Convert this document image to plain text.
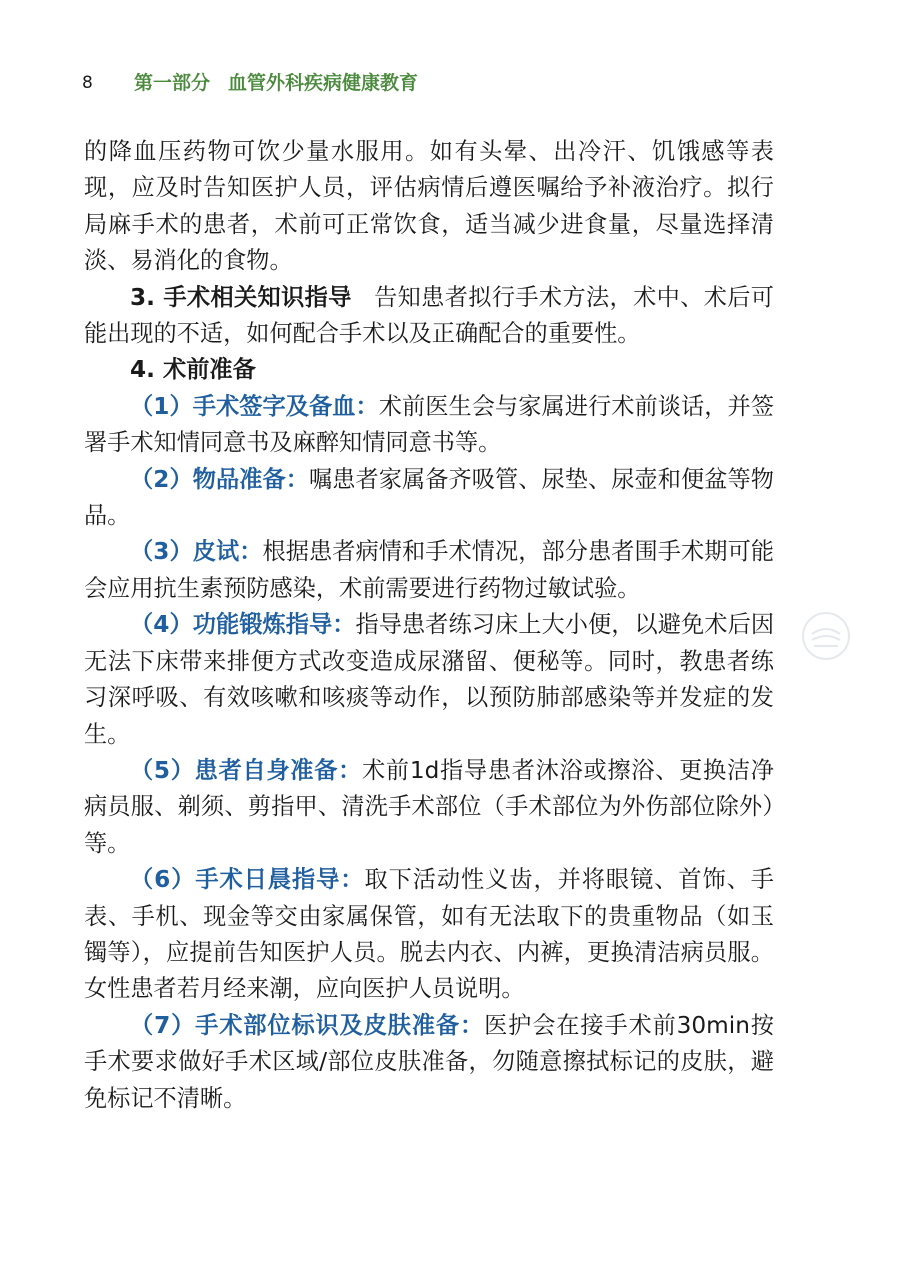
8	第一部分 血管外科疾病健康教育

的降血压药物可饮少量水服用。如有头晕、出冷汗、饥饿感等表现，应及时告知医护人员，评估病情后遵医嘱给予补液治疗。拟行局麻手术的患者，术前可正常饮食，适当减少进食量，尽量选择清淡、易消化的食物。

3. 手术相关知识指导 告知患者拟行手术方法，术中、术后可能出现的不适，如何配合手术以及正确配合的重要性。

4. 术前准备

（1）手术签字及备血：术前医生会与家属进行术前谈话，并签署手术知情同意书及麻醉知情同意书等。

（2）物品准备：嘱患者家属备齐吸管、尿垫、尿壶和便盆等物品。

（3）皮试：根据患者病情和手术情况，部分患者围手术期可能会应用抗生素预防感染，术前需要进行药物过敏试验。

（4）功能锻炼指导：指导患者练习床上大小便，以避免术后因无法下床带来排便方式改变造成尿潴留、便秘等。同时，教患者练习深呼吸、有效咳嗽和咳痰等动作，以预防肺部感染等并发症的发生。

（5）患者自身准备：术前1d指导患者沐浴或擦浴、更换洁净病员服、剃须、剪指甲、清洗手术部位（手术部位为外伤部位除外）等。

（6）手术日晨指导：取下活动性义齿，并将眼镜、首饰、手表、手机、现金等交由家属保管，如有无法取下的贵重物品（如玉镯等），应提前告知医护人员。脱去内衣、内裤，更换清洁病员服。女性患者若月经来潮，应向医护人员说明。

（7）手术部位标识及皮肤准备：医护会在接手术前30min按手术要求做好手术区域/部位皮肤准备，勿随意擦拭标记的皮肤，避免标记不清晰。
